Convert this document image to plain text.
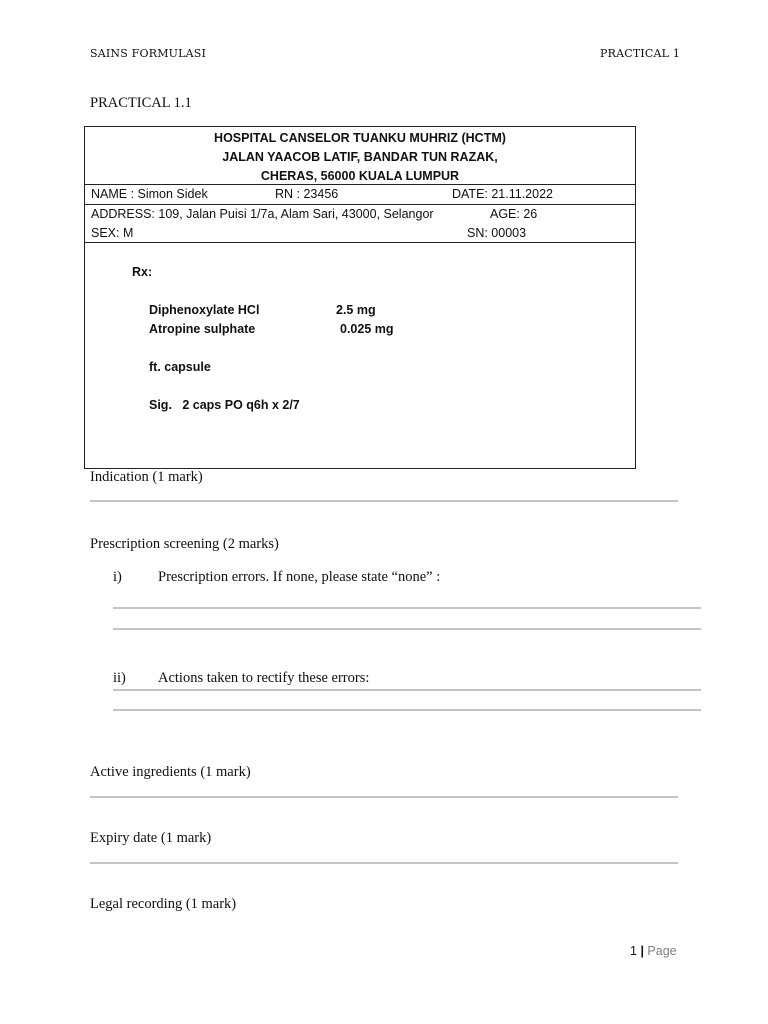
SAINS FORMULASI	PRACTICAL 1
PRACTICAL 1.1
HOSPITAL CANSELOR TUANKU MUHRIZ (HCTM)
JALAN YAACOB LATIF, BANDAR TUN RAZAK,
CHERAS, 56000 KUALA LUMPUR
NAME : Simon Sidek	RN : 23456	DATE: 21.11.2022
ADDRESS: 109, Jalan Puisi 1/7a, Alam Sari, 43000, Selangor	AGE: 26
SEX: M	SN: 00003
Rx:
Diphenoxylate HCl	2.5 mg
Atropine sulphate	0.025 mg
ft. capsule
Sig.   2 caps PO q6h x 2/7
Indication (1 mark)
Prescription screening (2 marks)
i) Prescription errors. If none, please state “none” :
ii) Actions taken to rectify these errors:
Active ingredients (1 mark)
Expiry date (1 mark)
Legal recording (1 mark)
1 | Page
